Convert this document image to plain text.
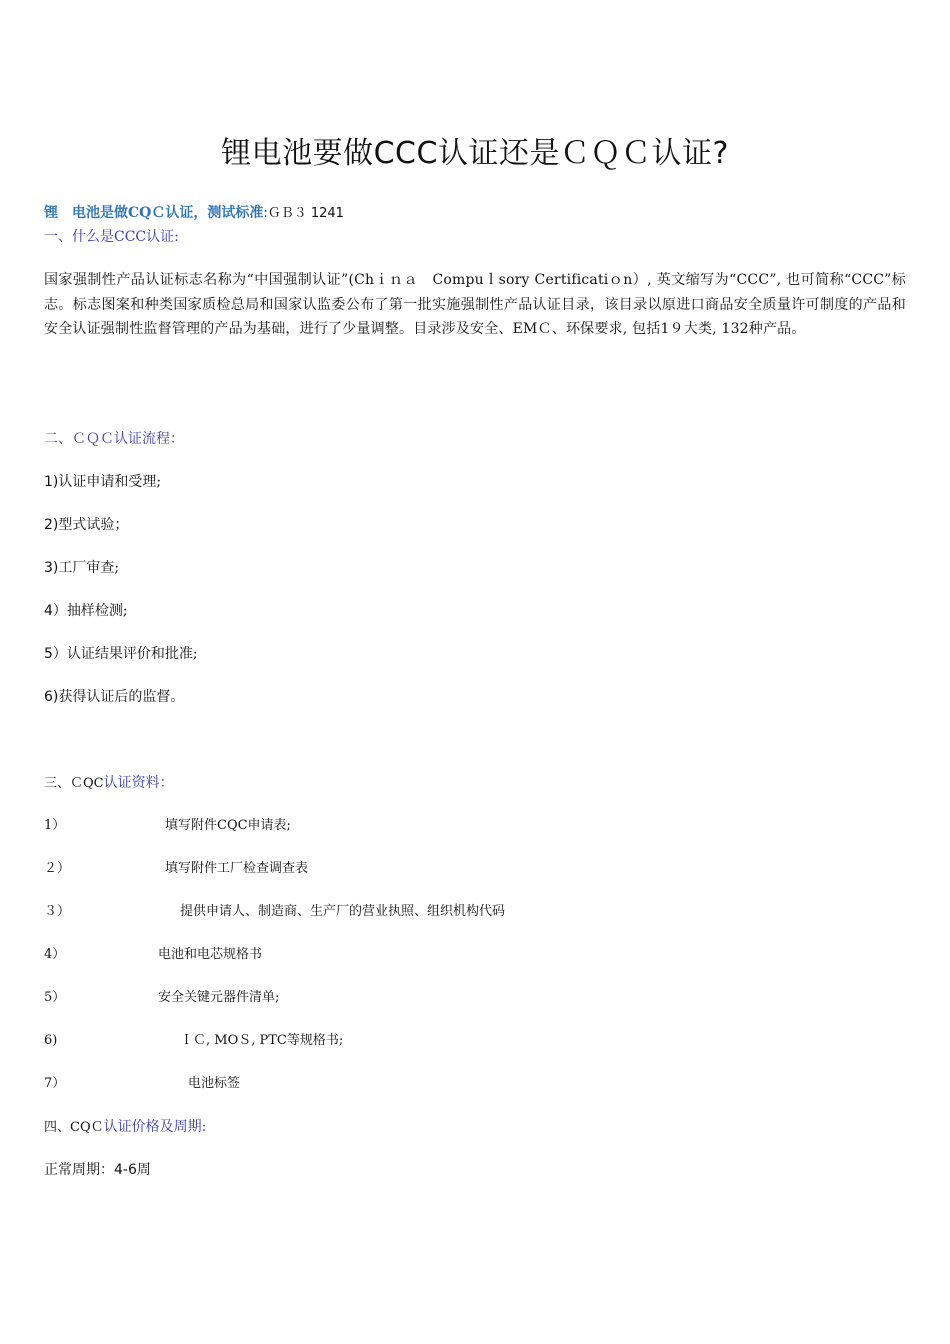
锂电池要做CCC认证还是ＣＱＣ认证?
锂　电池是做CQＣ认证，测试标准:ＧＢ３ 1241
一、什么是CCC认证:
国家强制性产品认证标志名称为“中国强制认证”(Chｉｎａ　Compuｌsory Certificatiｏn）, 英文缩写为“CCC”, 也可简称“CCC”标志。标志图案和种类国家质检总局和国家认监委公布了第一批实施强制性产品认证目录，该目录以原进口商品安全质量许可制度的产品和安全认证强制性监督管理的产品为基础，进行了少量调整。目录涉及安全、EMＣ、环保要求, 包括1９大类, 132种产品。
二、ＣＱＣ认证流程：
1)认证申请和受理;
2)型式试验；
3)工厂审查;
4）抽样检测;
5）认证结果评价和批准;
6)获得认证后的监督。
三、ＣQC认证资料：
1）	填写附件CQC申请表;
２）	填写附件工厂检查调查表
３）	提供申请人、制造商、生产厂的营业执照、组织机构代码
4）	电池和电芯规格书
5）	安全关键元器件清单;
6)	ＩＣ, MOＳ, PTC等规格书;
7）	电池标签
四、CQＣ认证价格及周期:
正常周期：4-6周
